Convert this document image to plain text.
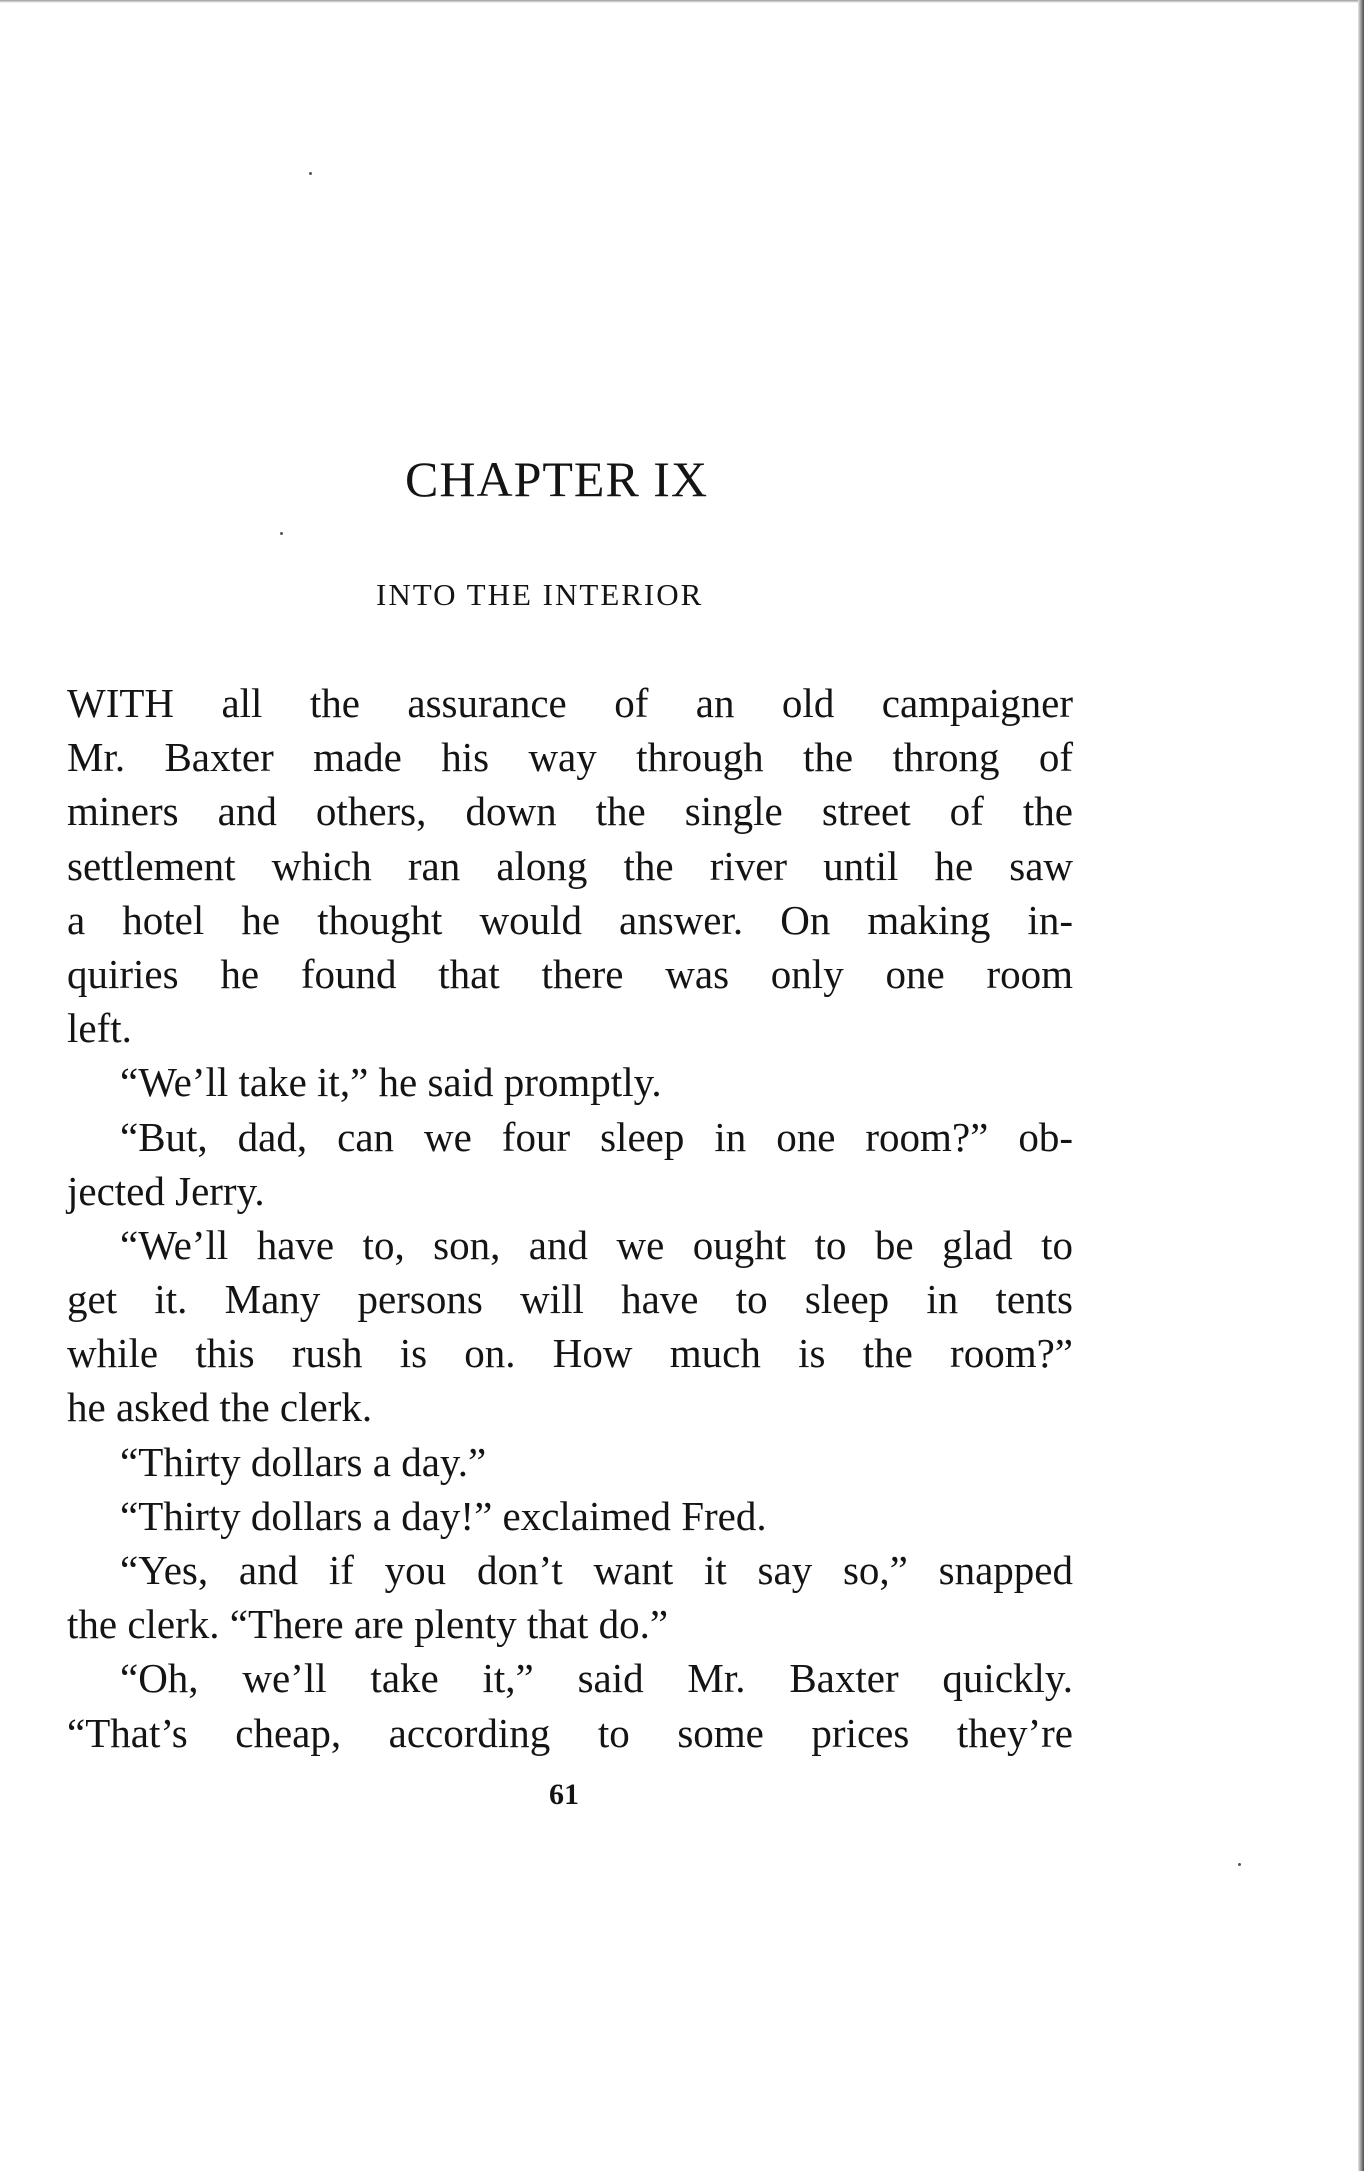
CHAPTER IX
INTO THE INTERIOR
WITH all the assurance of an old campaigner
Mr. Baxter made his way through the throng of
miners and others, down the single street of the
settlement which ran along the river until he saw
a hotel he thought would answer. On making in-
quiries he found that there was only one room
left.
“We’ll take it,” he said promptly.
“But, dad, can we four sleep in one room?” ob-
jected Jerry.
“We’ll have to, son, and we ought to be glad to
get it. Many persons will have to sleep in tents
while this rush is on. How much is the room?”
he asked the clerk.
“Thirty dollars a day.”
“Thirty dollars a day!” exclaimed Fred.
“Yes, and if you don’t want it say so,” snapped
the clerk. “There are plenty that do.”
“Oh, we’ll take it,” said Mr. Baxter quickly.
“That’s cheap, according to some prices they’re
61
